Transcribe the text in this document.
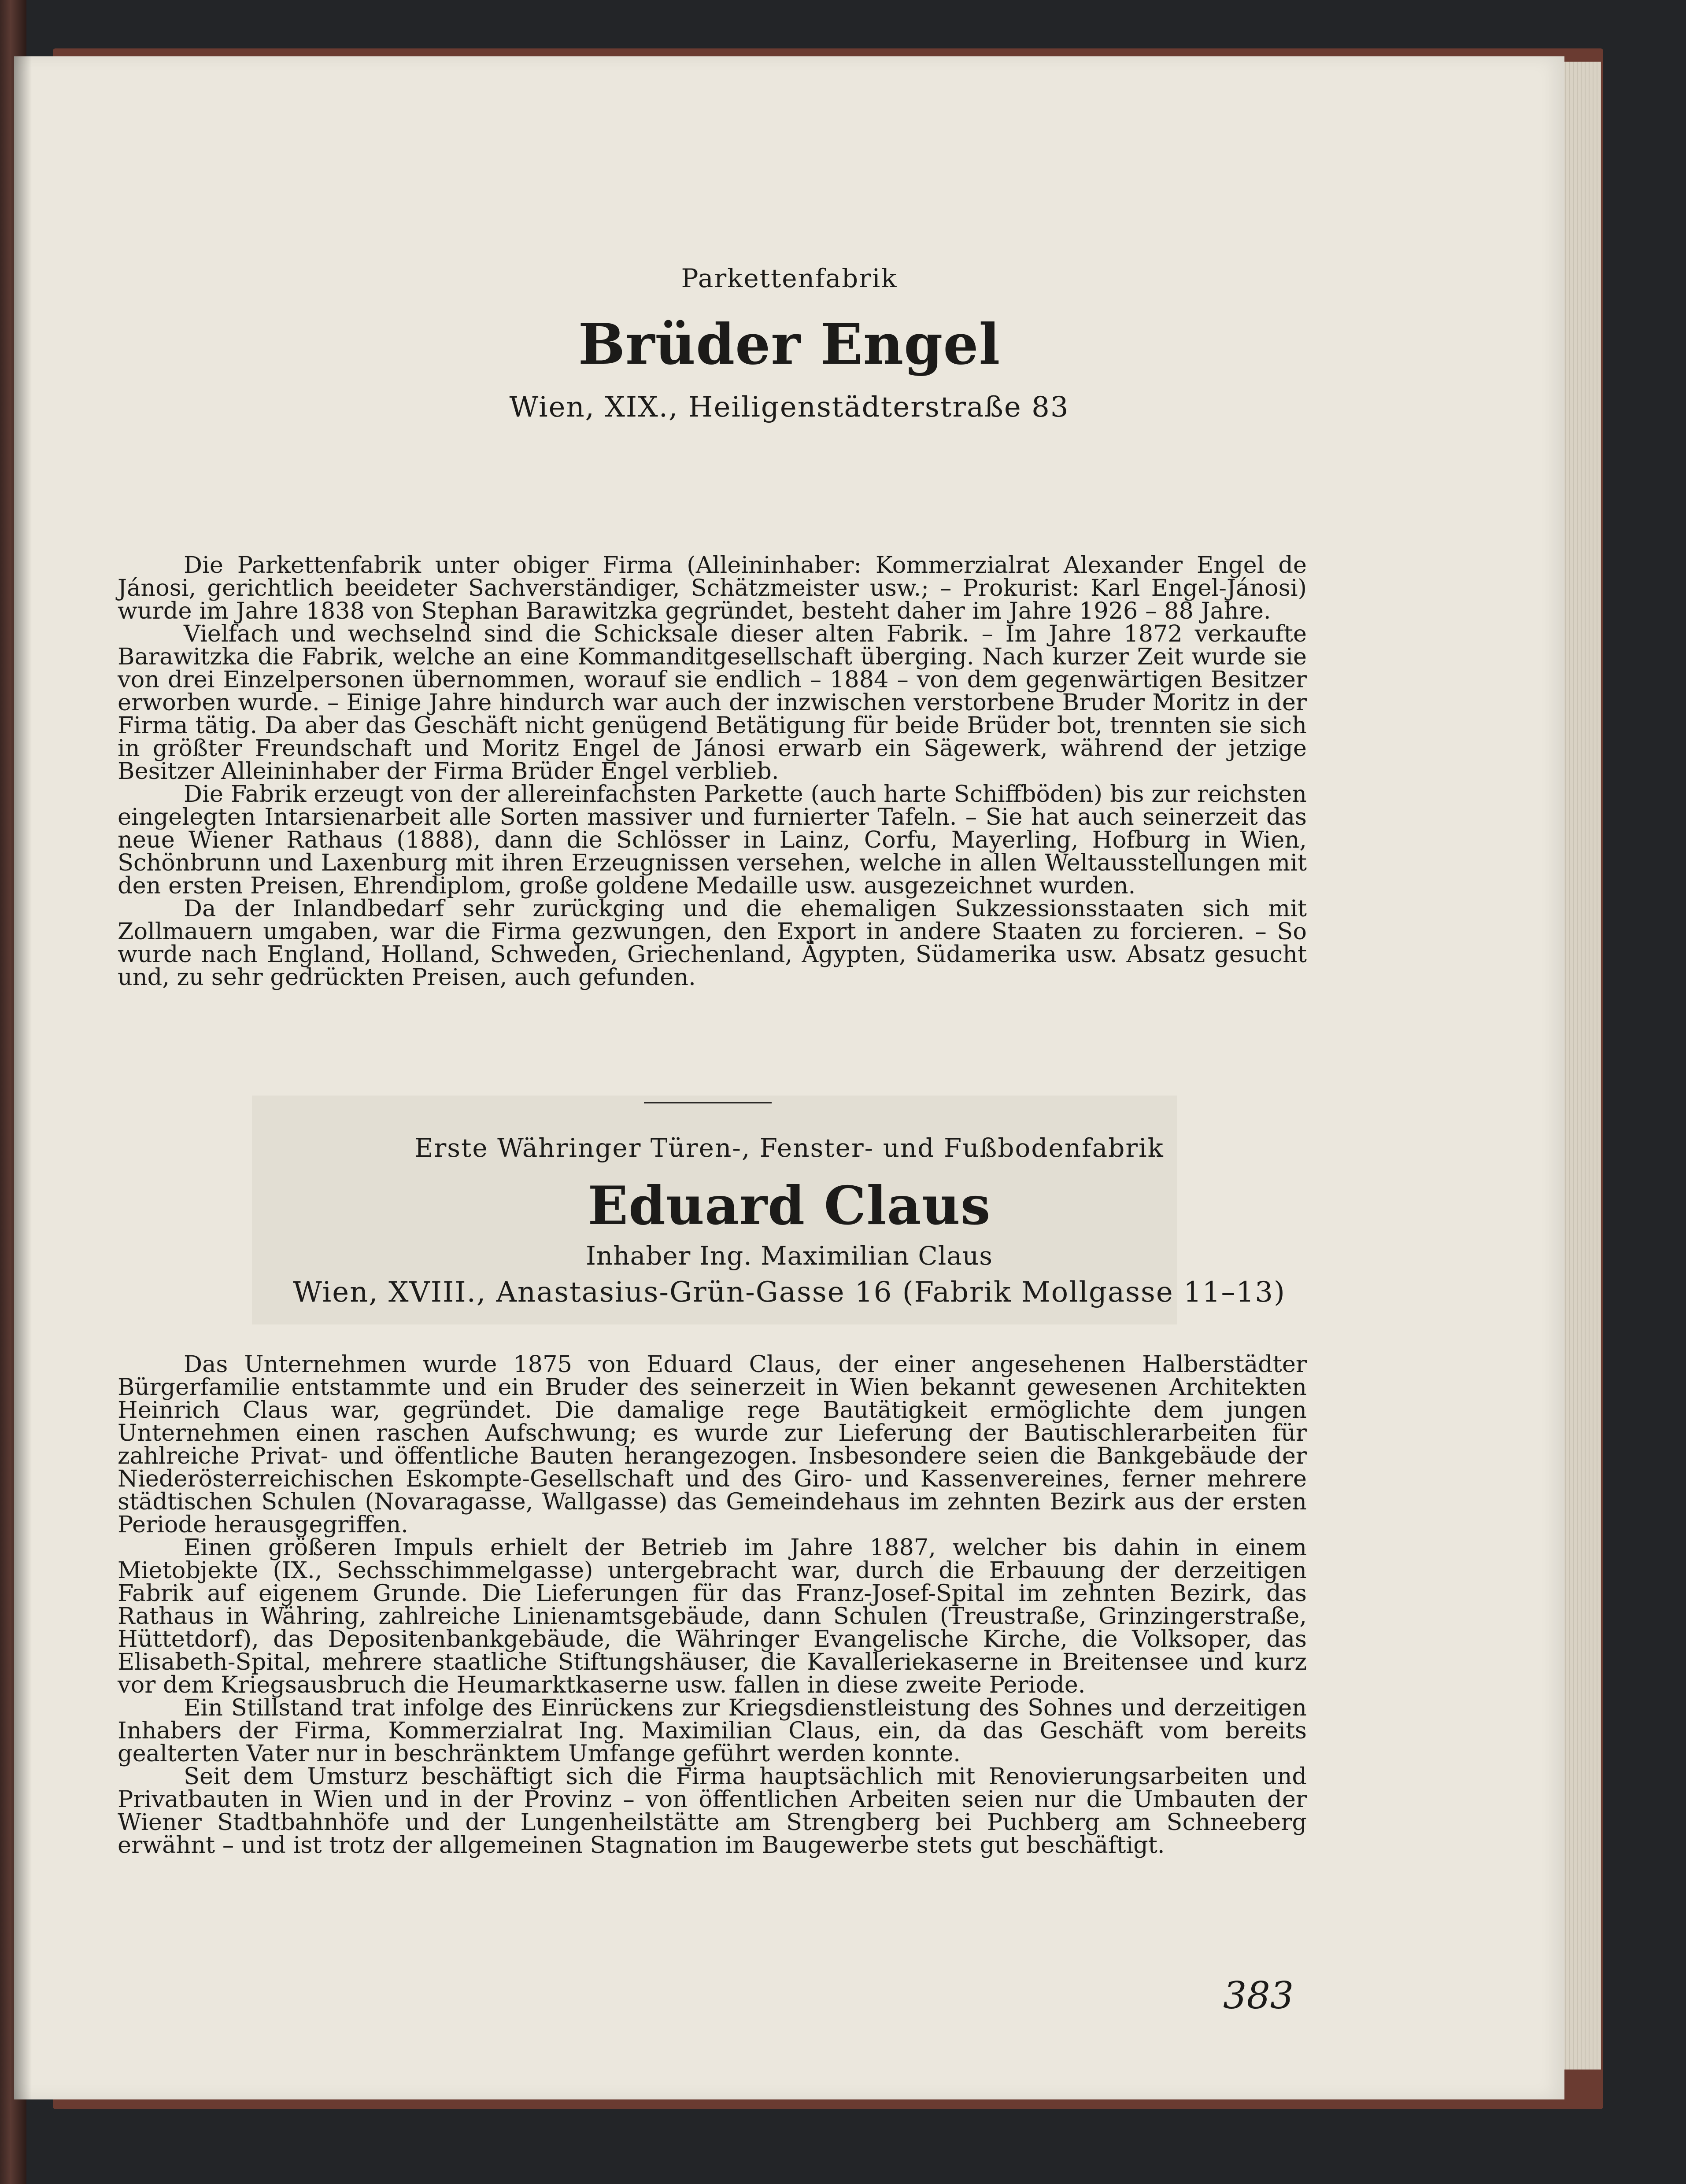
Parkettenfabrik
Brüder Engel
Wien, XIX., Heiligenstädterstraße 83

Die Parkettenfabrik unter obiger Firma (Alleininhaber: Kommerzialrat Alexander Engel de Jánosi, gerichtlich beeideter Sachverständiger, Schätzmeister usw.; – Prokurist: Karl Engel-Jánosi) wurde im Jahre 1838 von Stephan Barawitzka gegründet, besteht daher im Jahre 1926 – 88 Jahre.

Vielfach und wechselnd sind die Schicksale dieser alten Fabrik. – Im Jahre 1872 verkaufte Barawitzka die Fabrik, welche an eine Kommanditgesellschaft überging. Nach kurzer Zeit wurde sie von drei Einzelpersonen übernommen, worauf sie endlich – 1884 – von dem gegenwärtigen Besitzer erworben wurde. – Einige Jahre hindurch war auch der inzwischen verstorbene Bruder Moritz in der Firma tätig. Da aber das Geschäft nicht genügend Betätigung für beide Brüder bot, trennten sie sich in größter Freundschaft und Moritz Engel de Jánosi erwarb ein Sägewerk, während der jetzige Besitzer Alleininhaber der Firma Brüder Engel verblieb.

Die Fabrik erzeugt von der allereinfachsten Parkette (auch harte Schiffböden) bis zur reichsten eingelegten Intarsienarbeit alle Sorten massiver und furnierter Tafeln. – Sie hat auch seinerzeit das neue Wiener Rathaus (1888), dann die Schlösser in Lainz, Corfu, Mayerling, Hofburg in Wien, Schönbrunn und Laxenburg mit ihren Erzeugnissen versehen, welche in allen Weltausstellungen mit den ersten Preisen, Ehrendiplom, große goldene Medaille usw. ausgezeichnet wurden.

Da der Inlandbedarf sehr zurückging und die ehemaligen Sukzessionsstaaten sich mit Zollmauern umgaben, war die Firma gezwungen, den Export in andere Staaten zu forcieren. – So wurde nach England, Holland, Schweden, Griechenland, Ägypten, Südamerika usw. Absatz gesucht und, zu sehr gedrückten Preisen, auch gefunden.

Erste Währinger Türen-, Fenster- und Fußbodenfabrik
Eduard Claus
Inhaber Ing. Maximilian Claus
Wien, XVIII., Anastasius-Grün-Gasse 16 (Fabrik Mollgasse 11–13)

Das Unternehmen wurde 1875 von Eduard Claus, der einer angesehenen Halberstädter Bürgerfamilie entstammte und ein Bruder des seinerzeit in Wien bekannt gewesenen Architekten Heinrich Claus war, gegründet. Die damalige rege Bautätigkeit ermöglichte dem jungen Unternehmen einen raschen Aufschwung; es wurde zur Lieferung der Bautischlerarbeiten für zahlreiche Privat- und öffentliche Bauten herangezogen. Insbesondere seien die Bankgebäude der Niederösterreichischen Eskompte-Gesellschaft und des Giro- und Kassenvereines, ferner mehrere städtischen Schulen (Novaragasse, Wallgasse) das Gemeindehaus im zehnten Bezirk aus der ersten Periode herausgegriffen.

Einen größeren Impuls erhielt der Betrieb im Jahre 1887, welcher bis dahin in einem Mietobjekte (IX., Sechsschimmelgasse) untergebracht war, durch die Erbauung der derzeitigen Fabrik auf eigenem Grunde. Die Lieferungen für das Franz-Josef-Spital im zehnten Bezirk, das Rathaus in Währing, zahlreiche Linienamtsgebäude, dann Schulen (Treustraße, Grinzingerstraße, Hüttetdorf), das Depositenbankgebäude, die Währinger Evangelische Kirche, die Volksoper, das Elisabeth-Spital, mehrere staatliche Stiftungshäuser, die Kavalleriekaserne in Breitensee und kurz vor dem Kriegsausbruch die Heumarktkaserne usw. fallen in diese zweite Periode.

Ein Stillstand trat infolge des Einrückens zur Kriegsdienstleistung des Sohnes und derzeitigen Inhabers der Firma, Kommerzialrat Ing. Maximilian Claus, ein, da das Geschäft vom bereits gealterten Vater nur in beschränktem Umfange geführt werden konnte.

Seit dem Umsturz beschäftigt sich die Firma hauptsächlich mit Renovierungsarbeiten und Privatbauten in Wien und in der Provinz – von öffentlichen Arbeiten seien nur die Umbauten der Wiener Stadtbahnhöfe und der Lungenheilstätte am Strengberg bei Puchberg am Schneeberg erwähnt – und ist trotz der allgemeinen Stagnation im Baugewerbe stets gut beschäftigt.

383
